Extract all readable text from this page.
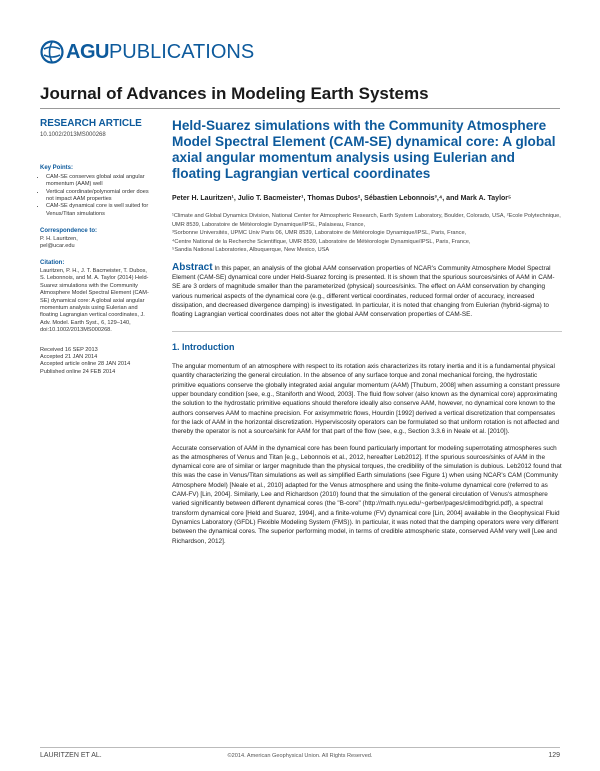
AGU PUBLICATIONS
Journal of Advances in Modeling Earth Systems
RESEARCH ARTICLE
10.1002/2013MS000268
Key Points:
• CAM-SE conserves global axial angular momentum (AAM) well
• Vertical coordinate/polynomial order does not impact AAM properties
• CAM-SE dynamical core is well suited for Venus/Titan simulations
Correspondence to:
P. H. Lauritzen,
pel@ucar.edu
Citation:
Lauritzen, P. H., J. T. Bacmeister, T. Dubos, S. Lebonnois, and M. A. Taylor (2014) Held-Suarez simulations with the Community Atmosphere Model Spectral Element (CAM-SE) dynamical core: A global axial angular momentum analysis using Eulerian and floating Lagrangian vertical coordinates, J. Adv. Model. Earth Syst., 6, 129–140, doi:10.1002/2013MS000268.
Received 16 SEP 2013
Accepted 21 JAN 2014
Accepted article online 28 JAN 2014
Published online 24 FEB 2014
Held-Suarez simulations with the Community Atmosphere Model Spectral Element (CAM-SE) dynamical core: A global axial angular momentum analysis using Eulerian and floating Lagrangian vertical coordinates
Peter H. Lauritzen¹, Julio T. Bacmeister¹, Thomas Dubos², Sébastien Lebonnois³,⁴, and Mark A. Taylor⁵
¹Climate and Global Dynamics Division, National Center for Atmospheric Research, Earth System Laboratory, Boulder, Colorado, USA, ²Ecole Polytechnique, UMR 8539, Laboratoire de Météorologie Dynamique/IPSL, Palaiseau, France,
³Sorbonne Universités, UPMC Univ Paris 06, UMR 8539, Laboratoire de Météorologie Dynamique/IPSL, Paris, France,
⁴Centre National de la Recherche Scientifique, UMR 8539, Laboratoire de Météorologie Dynamique/IPSL, Paris, France,
⁵Sandia National Laboratories, Albuquerque, New Mexico, USA
Abstract In this paper, an analysis of the global AAM conservation properties of NCAR's Community Atmosphere Model Spectral Element (CAM-SE) dynamical core under Held-Suarez forcing is presented. It is shown that the spurious sources/sinks of AAM in CAM-SE are 3 orders of magnitude smaller than the parameterized (physical) sources/sinks. The effect on AAM conservation by changing various numerical aspects of the dynamical core (e.g., different vertical coordinates, reduced formal order of accuracy, increased dissipation, and decreased divergence damping) is investigated. In particular, it is noted that changing from Eulerian (hybrid-sigma) to floating Lagrangian vertical coordinates does not alter the global AAM conservation properties of CAM-SE.
1. Introduction

The angular momentum of an atmosphere with respect to its rotation axis characterizes its rotary inertia and it is a fundamental physical quantity characterizing the general circulation. In the absence of any surface torque and zonal mechanical forcing, the hydrostatic primitive equations conserve the globally integrated axial angular momentum (AAM) [Thuburn, 2008] when assuming a constant pressure upper boundary condition [see, e.g., Staniforth and Wood, 2003]. The fluid flow solver (also known as the dynamical core) approximating the solution to the hydrostatic primitive equations should therefore ideally also conserve AAM, however, no dynamical core known to the authors conserves AAM to machine precision. For axisymmetric flows, Hourdin [1992] derived a vertical discretization that compensates for the lack of AAM in the horizontal discretization. Hyperviscosity operators can be formulated so that uniform rotation is not affected and thereby the operator is not a source/sink for AAM for that part of the flow (see, e.g., Section 3.3.6 in Neale et al. [2010]).

Accurate conservation of AAM in the dynamical core has been found particularly important for modeling superrotating atmospheres such as the atmospheres of Venus and Titan [e.g., Lebonnois et al., 2012, hereafter Leb2012]. If the spurious sources/sinks of AAM in the dynamical core are of similar or larger magnitude than the physical torques, the credibility of the simulation is dubious. Leb2012 found that this was the case in Venus/Titan simulations as well as simplified Earth simulations (see Figure 1) when using NCAR's CAM (Community Atmosphere Model) [Neale et al., 2010] adapted for the Venus atmosphere and using the finite-volume dynamical core (referred to as CAM-FV) [Lin, 2004]. Similarly, Lee and Richardson (2010) found that the simulation of the general circulation of Venus's atmosphere varied significantly between different dynamical cores (the "B-core" (http://math.nyu.edu/~gerber/pages/climod/bgrid.pdf), a spectral transform dynamical core [Held and Suarez, 1994], and a finite-volume (FV) dynamical core [Lin, 2004] available in the Geophysical Fluid Dynamics Laboratory (GFDL) Flexible Modeling System (FMS)). In particular, it was noted that the damping operators were very different between the dynamical cores. The superior performing model, in terms of credible atmospheric state, conserved AAM very well [Lee and Richardson, 2012].

LAURITZEN ET AL.	©2014. American Geophysical Union. All Rights Reserved.	129
